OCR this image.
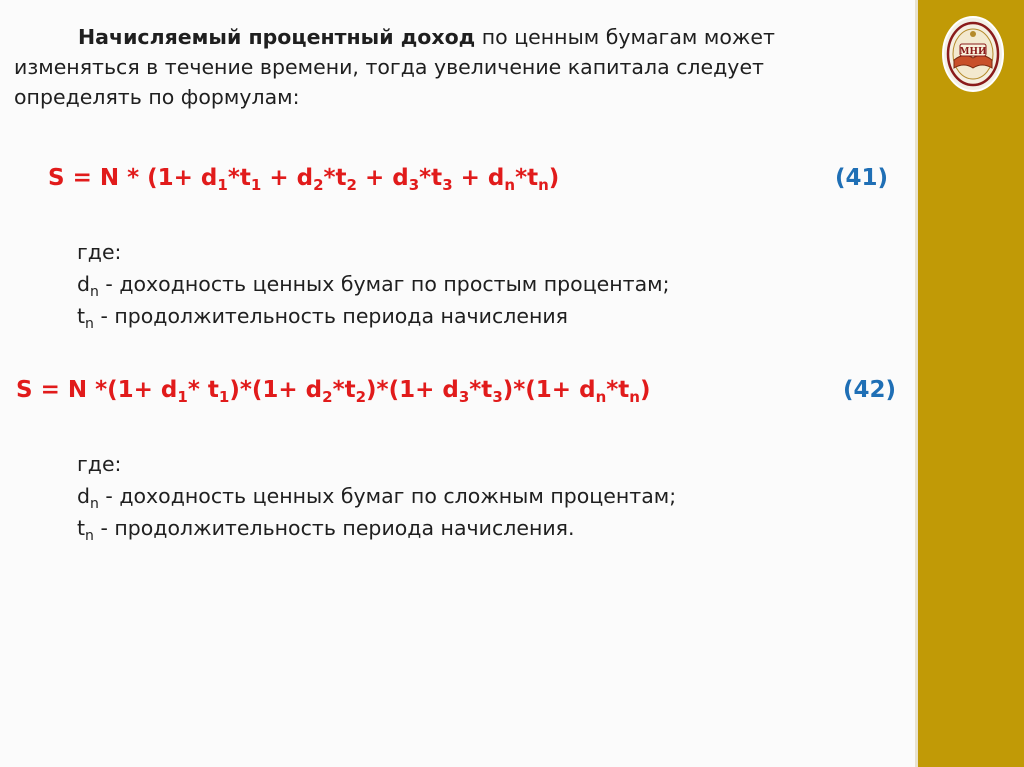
МНИ
Начисляемый процентный доход по ценным бумагам может
изменяться в течение времени, тогда увеличение капитала следует
определять по формулам:
$S = N * (1+ d_1*t_1 + d_2*t_2 + d_3*t_3 + d_n*t_n)$	(41)
где:
$d_n$ - доходность ценных бумаг по простым процентам;
$t_n$ - продолжительность периода начисления
S = N $*(1+ d_1*$ $t_1)*(1+ d_2*t_2)*(1+ d_3*t_3)*(1+ d_n*t_n)$	(42)
где:
$d_n$ - доходность ценных бумаг по сложным процентам;
$t_n$ - продолжительность периода начисления.
